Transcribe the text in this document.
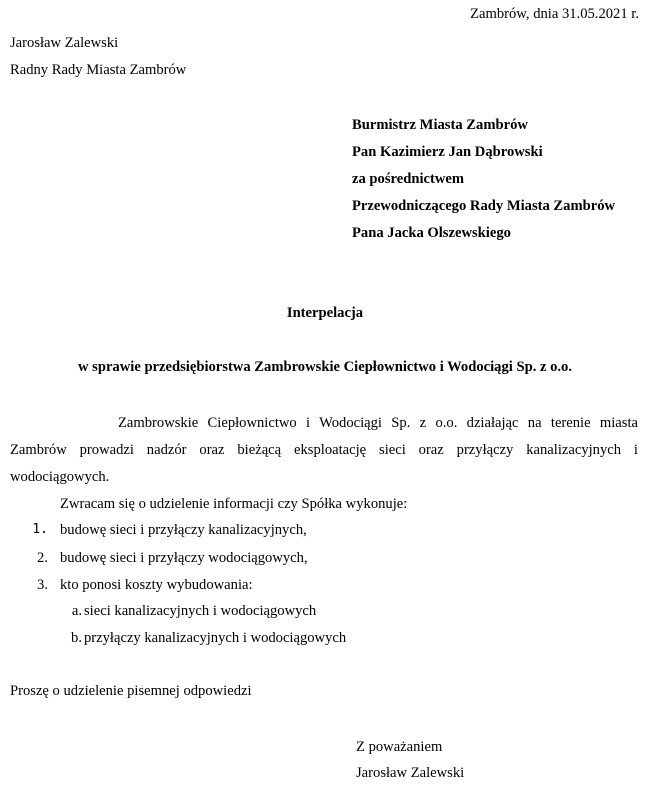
Zambrów, dnia 31.05.2021 r.
Jarosław Zalewski
Radny Rady Miasta Zambrów
Burmistrz Miasta Zambrów
Pan Kazimierz Jan Dąbrowski
za pośrednictwem
Przewodniczącego Rady Miasta Zambrów
Pana Jacka Olszewskiego
Interpelacja
w sprawie przedsiębiorstwa Zambrowskie Ciepłownictwo i Wodociągi Sp. z o.o.

Zambrowskie Ciepłownictwo i Wodociągi Sp. z o.o. działając na terenie miasta Zambrów prowadzi nadzór oraz bieżącą eksploatację sieci oraz przyłączy kanalizacyjnych i wodociągowych.

Zwracam się o udzielenie informacji czy Spółka wykonuje:
1. budowę sieci i przyłączy kanalizacyjnych,
2. budowę sieci i przyłączy wodociągowych,
3. kto ponosi koszty wybudowania:
a. sieci kanalizacyjnych i wodociągowych
b. przyłączy kanalizacyjnych i wodociągowych
Proszę o udzielenie pisemnej odpowiedzi
Z poważaniem
Jarosław Zalewski
